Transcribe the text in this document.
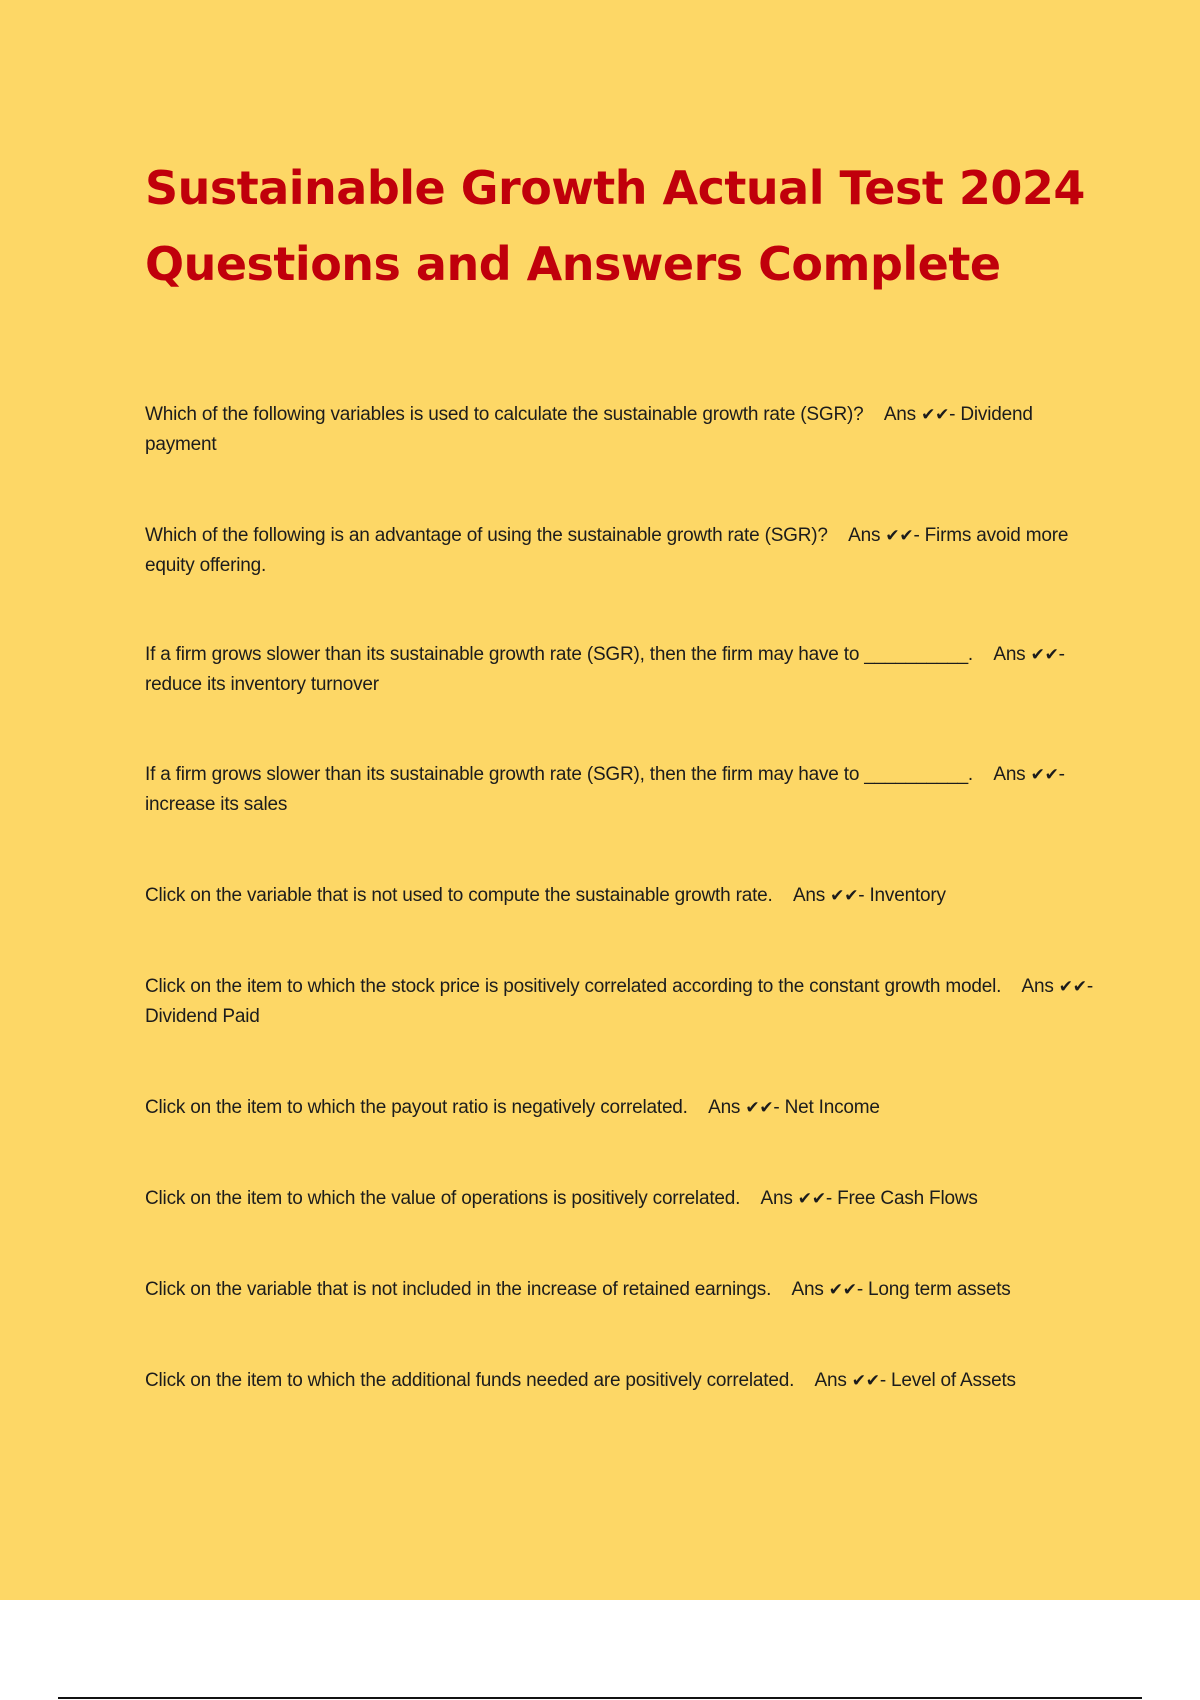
Sustainable Growth Actual Test 2024 Questions and Answers Complete
Which of the following variables is used to calculate the sustainable growth rate (SGR)? Ans ✔✔- Dividend payment
Which of the following is an advantage of using the sustainable growth rate (SGR)? Ans ✔✔- Firms avoid more equity offering.
If a firm grows slower than its sustainable growth rate (SGR), then the firm may have to __________. Ans ✔✔- reduce its inventory turnover
If a firm grows slower than its sustainable growth rate (SGR), then the firm may have to __________. Ans ✔✔- increase its sales
Click on the variable that is not used to compute the sustainable growth rate. Ans ✔✔- Inventory
Click on the item to which the stock price is positively correlated according to the constant growth model. Ans ✔✔- Dividend Paid
Click on the item to which the payout ratio is negatively correlated. Ans ✔✔- Net Income
Click on the item to which the value of operations is positively correlated. Ans ✔✔- Free Cash Flows
Click on the variable that is not included in the increase of retained earnings. Ans ✔✔- Long term assets
Click on the item to which the additional funds needed are positively correlated. Ans ✔✔- Level of Assets
